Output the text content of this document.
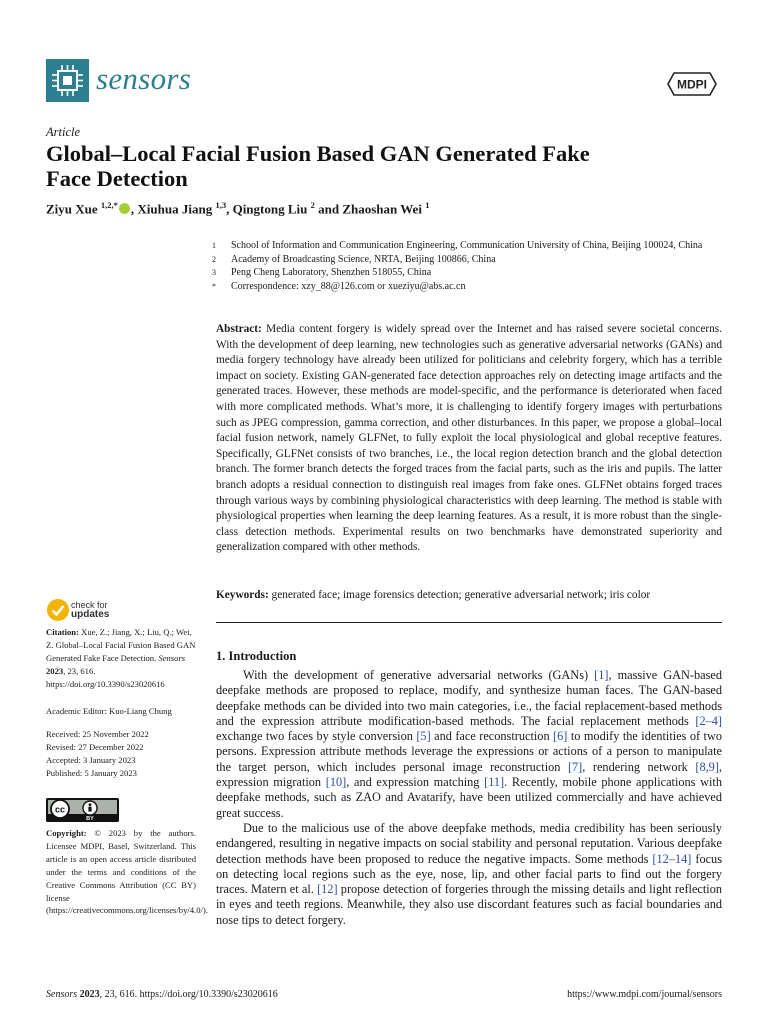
sensors	MDPI
Article
Global–Local Facial Fusion Based GAN Generated Fake
Face Detection
Ziyu Xue $^{1,2,*}$ , Xiuhua Jiang $^{1,3}$, Qingtong Liu $^2$ and Zhaoshan Wei $^1$
1	School of Information and Communication Engineering, Communication University of China, Beijing 100024, China
2	Academy of Broadcasting Science, NRTA, Beijing 100866, China
3	Peng Cheng Laboratory, Shenzhen 518055, China
*	Correspondence: xzy_88@126.com or xueziyu@abs.ac.cn
Abstract: Media content forgery is widely spread over the Internet and has raised severe societal concerns. With the development of deep learning, new technologies such as generative adversarial networks (GANs) and media forgery technology have already been utilized for politicians and celebrity forgery, which has a terrible impact on society. Existing GAN-generated face detection approaches rely on detecting image artifacts and the generated traces. However, these methods are model-specific, and the performance is deteriorated when faced with more complicated methods. What’s more, it is challenging to identify forgery images with perturbations such as JPEG compression, gamma correction, and other disturbances. In this paper, we propose a global–local facial fusion network, namely GLFNet, to fully exploit the local physiological and global receptive features. Specifically, GLFNet consists of two branches, i.e., the local region detection branch and the global detection branch. The former branch detects the forged traces from the facial parts, such as the iris and pupils. The latter branch adopts a residual connection to distinguish real images from fake ones. GLFNet obtains forged traces through various ways by combining physiological characteristics with deep learning. The method is stable with physiological properties when learning the deep learning features. As a result, it is more robust than the single-class detection methods. Experimental results on two benchmarks have demonstrated superiority and generalization compared with other methods.
Keywords: generated face; image forensics detection; generative adversarial network; iris color
check for
updates
Citation: Xue, Z.; Jiang, X.; Liu, Q.; Wei, Z. Global–Local Facial Fusion Based GAN Generated Fake Face Detection. Sensors 2023, 23, 616. https://doi.org/10.3390/s23020616
Academic Editor: Kuo-Liang Chung
Received: 25 November 2022
Revised: 27 December 2022
Accepted: 3 January 2023
Published: 5 January 2023
cc
BY
Copyright: © 2023 by the authors. Licensee MDPI, Basel, Switzerland. This article is an open access article distributed under the terms and conditions of the Creative Commons Attribution (CC BY) license (https://creativecommons.org/licenses/by/4.0/).
1. Introduction

With the development of generative adversarial networks (GANs) [1], massive GAN-based deepfake methods are proposed to replace, modify, and synthesize human faces. The GAN-based deepfake methods can be divided into two main categories, i.e., the facial replacement-based methods and the expression attribute modification-based methods. The facial replacement methods [2–4] exchange two faces by style conversion [5] and face reconstruction [6] to modify the identities of two persons. Expression attribute methods leverage the expressions or actions of a person to manipulate the target person, which includes personal image reconstruction [7], rendering network [8,9], expression migration [10], and expression matching [11]. Recently, mobile phone applications with deepfake methods, such as ZAO and Avatarify, have been utilized commercially and have achieved great success.

Due to the malicious use of the above deepfake methods, media credibility has been seriously endangered, resulting in negative impacts on social stability and personal reputation. Various deepfake detection methods have been proposed to reduce the negative impacts. Some methods [12–14] focus on detecting local regions such as the eye, nose, lip, and other facial parts to find out the forgery traces. Matern et al. [12] propose detection of forgeries through the missing details and light reflection in eyes and teeth regions. Meanwhile, they also use discordant features such as facial boundaries and nose tips to detect forgery.

Sensors 2023, 23, 616. https://doi.org/10.3390/s23020616	https://www.mdpi.com/journal/sensors
